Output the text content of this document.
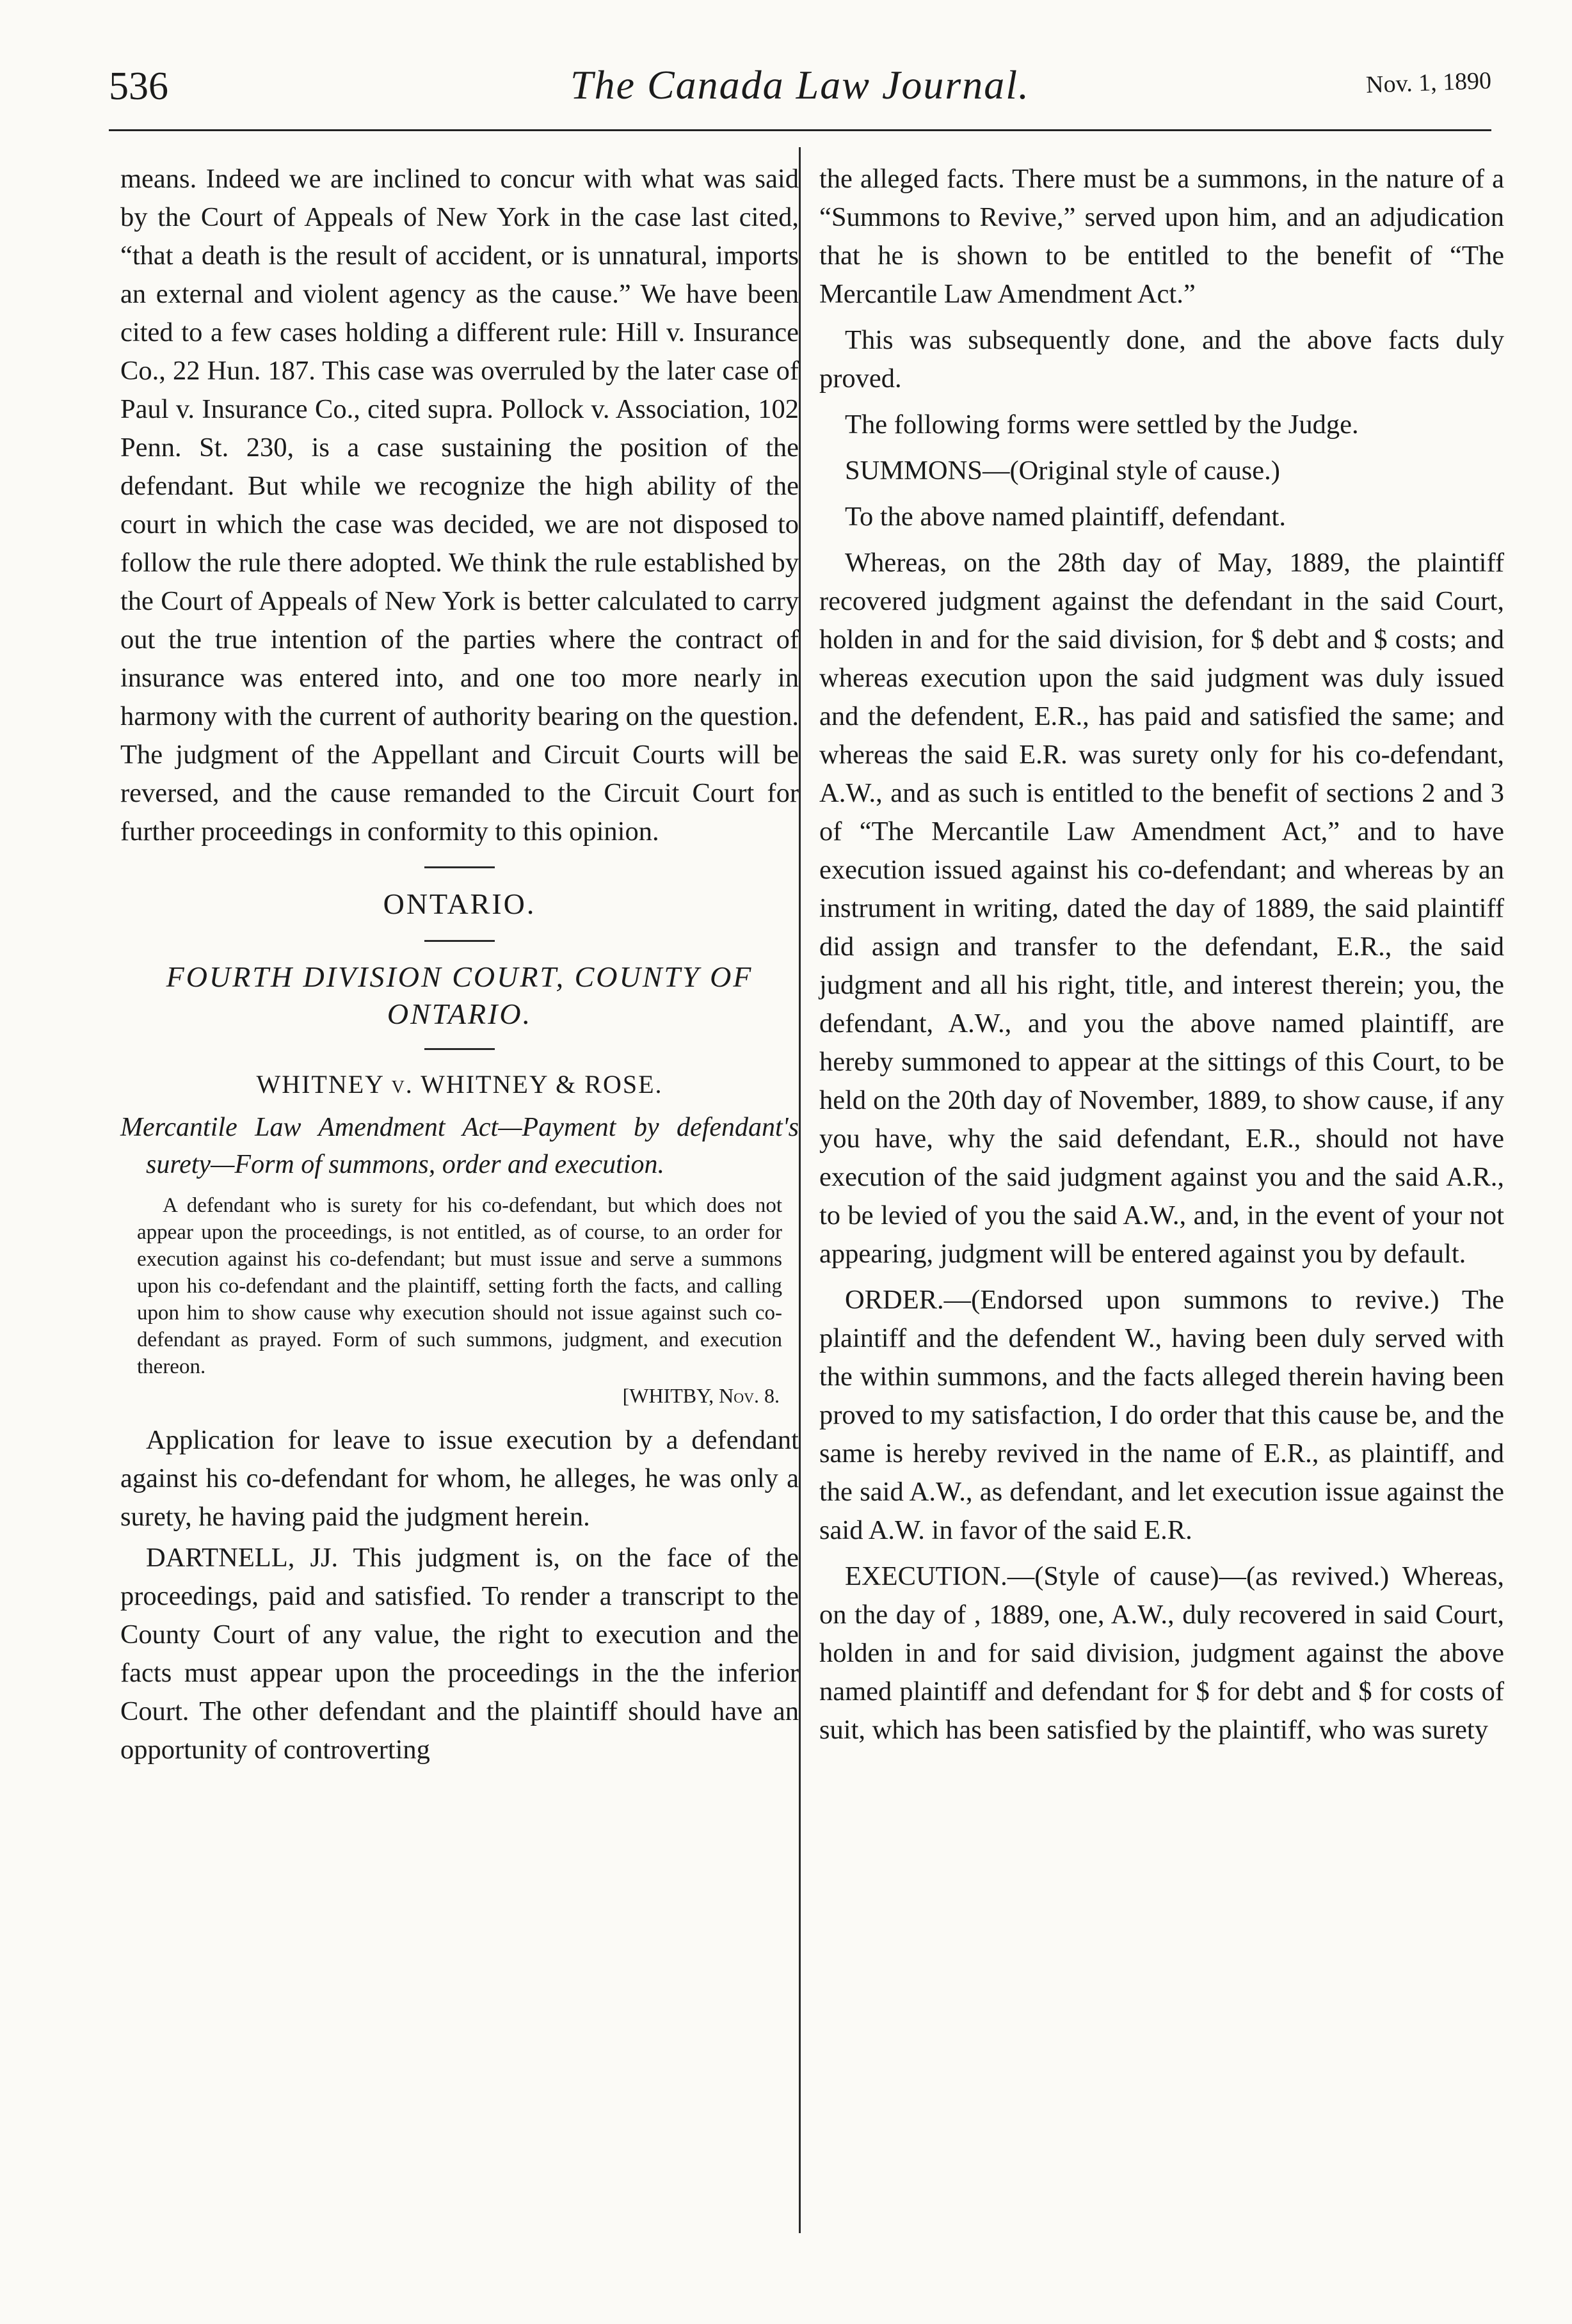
536	The Canada Law Journal.	Nov. 1, 1890

means. Indeed we are inclined to concur with what was said by the Court of Appeals of New York in the case last cited, “that a death is the result of accident, or is unnatural, imports an external and violent agency as the cause.” We have been cited to a few cases holding a different rule: Hill v. Insurance Co., 22 Hun. 187. This case was overruled by the later case of Paul v. Insurance Co., cited supra. Pollock v. Association, 102 Penn. St. 230, is a case sustaining the position of the defendant. But while we recognize the high ability of the court in which the case was decided, we are not disposed to follow the rule there adopted. We think the rule established by the Court of Appeals of New York is better calculated to carry out the true intention of the parties where the contract of insurance was entered into, and one too more nearly in harmony with the current of authority bearing on the question. The judgment of the Appellant and Circuit Courts will be reversed, and the cause remanded to the Circuit Court for further proceedings in conformity to this opinion.

ONTARIO.

FOURTH DIVISION COURT, COUNTY OF ONTARIO.

WHITNEY v. WHITNEY & ROSE.

Mercantile Law Amendment Act—Payment by defendant's surety—Form of summons, order and execution.

A defendant who is surety for his co-defendant, but which does not appear upon the proceedings, is not entitled, as of course, to an order for execution against his co-defendant; but must issue and serve a summons upon his co-defendant and the plaintiff, setting forth the facts, and calling upon him to show cause why execution should not issue against such co-defendant as prayed. Form of such summons, judgment, and execution thereon.

[WHITBY, Nov. 8.

Application for leave to issue execution by a defendant against his co-defendant for whom, he alleges, he was only a surety, he having paid the judgment herein.

DARTNELL, JJ. This judgment is, on the face of the proceedings, paid and satisfied. To render a transcript to the County Court of any value, the right to execution and the facts must appear upon the proceedings in the the inferior Court. The other defendant and the plaintiff should have an opportunity of controverting

the alleged facts. There must be a summons, in the nature of a “Summons to Revive,” served upon him, and an adjudication that he is shown to be entitled to the benefit of “The Mercantile Law Amendment Act.”

This was subsequently done, and the above facts duly proved.

The following forms were settled by the Judge.

SUMMONS—(Original style of cause.)

To the above named plaintiff, defendant.

Whereas, on the 28th day of May, 1889, the plaintiff recovered judgment against the defendant in the said Court, holden in and for the said division, for $ debt and $ costs; and whereas execution upon the said judgment was duly issued and the defendent, E.R., has paid and satisfied the same; and whereas the said E.R. was surety only for his co-defendant, A.W., and as such is entitled to the benefit of sections 2 and 3 of “The Mercantile Law Amendment Act,” and to have execution issued against his co-defendant; and whereas by an instrument in writing, dated the day of 1889, the said plaintiff did assign and transfer to the defendant, E.R., the said judgment and all his right, title, and interest therein; you, the defendant, A.W., and you the above named plaintiff, are hereby summoned to appear at the sittings of this Court, to be held on the 20th day of November, 1889, to show cause, if any you have, why the said defendant, E.R., should not have execution of the said judgment against you and the said A.R., to be levied of you the said A.W., and, in the event of your not appearing, judgment will be entered against you by default.

ORDER.—(Endorsed upon summons to revive.) The plaintiff and the defendent W., having been duly served with the within summons, and the facts alleged therein having been proved to my satisfaction, I do order that this cause be, and the same is hereby revived in the name of E.R., as plaintiff, and the said A.W., as defendant, and let execution issue against the said A.W. in favor of the said E.R.

EXECUTION.—(Style of cause)—(as revived.) Whereas, on the day of , 1889, one, A.W., duly recovered in said Court, holden in and for said division, judgment against the above named plaintiff and defendant for $ for debt and $ for costs of suit, which has been satisfied by the plaintiff, who was surety
